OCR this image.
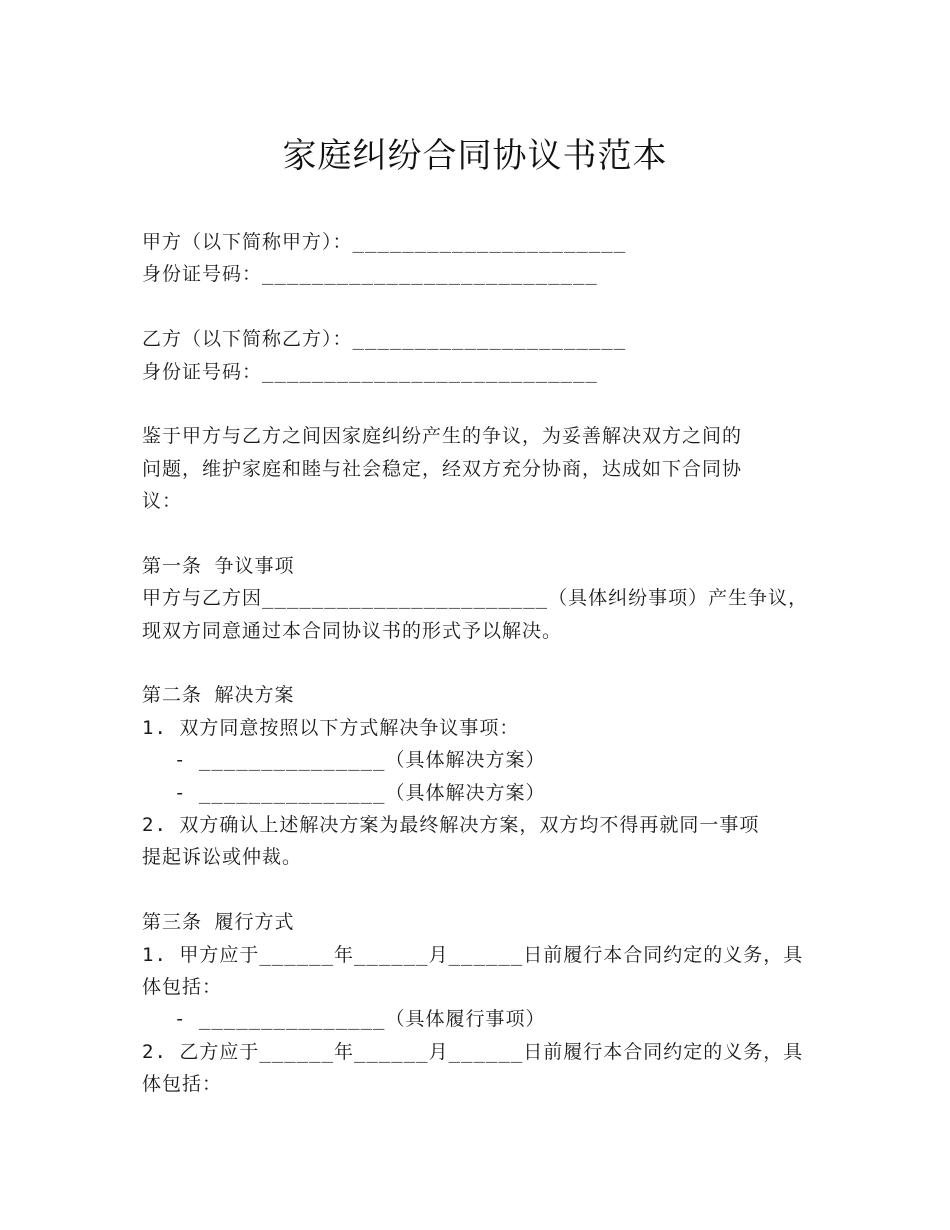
家庭纠纷合同协议书范本
甲方（以下简称甲方）：______________________
身份证号码：___________________________
乙方（以下简称乙方）：______________________
身份证号码：___________________________
鉴于甲方与乙方之间因家庭纠纷产生的争议，为妥善解决双方之间的
问题，维护家庭和睦与社会稳定，经双方充分协商，达成如下合同协
议：
第一条 争议事项
甲方与乙方因_______________________（具体纠纷事项）产生争议，
现双方同意通过本合同协议书的形式予以解决。
第二条 解决方案
1. 双方同意按照以下方式解决争议事项：
- _______________（具体解决方案）
- _______________（具体解决方案）
2. 双方确认上述解决方案为最终解决方案，双方均不得再就同一事项
提起诉讼或仲裁。
第三条 履行方式
1. 甲方应于______年______月______日前履行本合同约定的义务，具
体包括：
- _______________（具体履行事项）
2. 乙方应于______年______月______日前履行本合同约定的义务，具
体包括：
